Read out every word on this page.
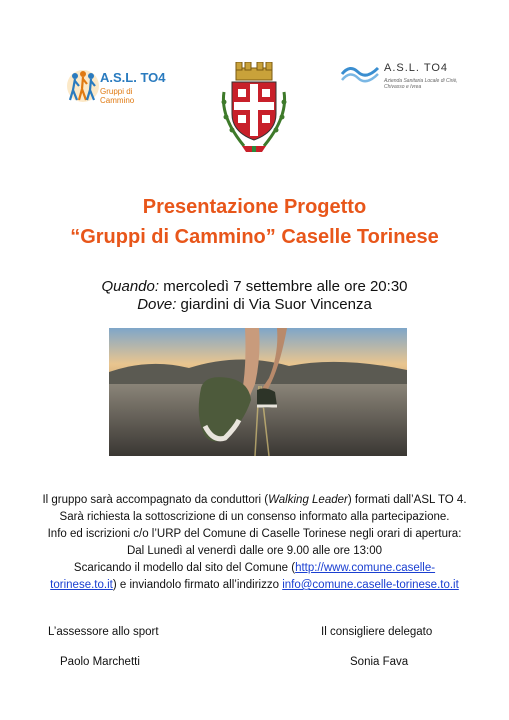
A.S.L. TO4
Gruppi di Cammino
A.S.L. TO4
Azienda Sanitaria Locale di Ciriè, Chivasso e Ivrea
Presentazione Progetto
“Gruppi di Cammino” Caselle Torinese
Quando: mercoledì 7 settembre alle ore 20:30
Dove: giardini di Via Suor Vincenza
Il gruppo sarà accompagnato da conduttori (Walking Leader) formati dall’ASL TO 4.
Sarà richiesta la sottoscrizione di un consenso informato alla partecipazione.
Info ed iscrizioni c/o l’URP del Comune di Caselle Torinese negli orari di apertura:
Dal Lunedì al venerdì dalle ore 9.00 alle ore 13:00
Scaricando il modello dal sito del Comune (http://www.comune.caselle-
torinese.to.it) e inviandolo firmato all’indirizzo info@comune.caselle-torinese.to.it
L’assessore allo sport
Paolo Marchetti
Il consigliere delegato
Sonia Fava
